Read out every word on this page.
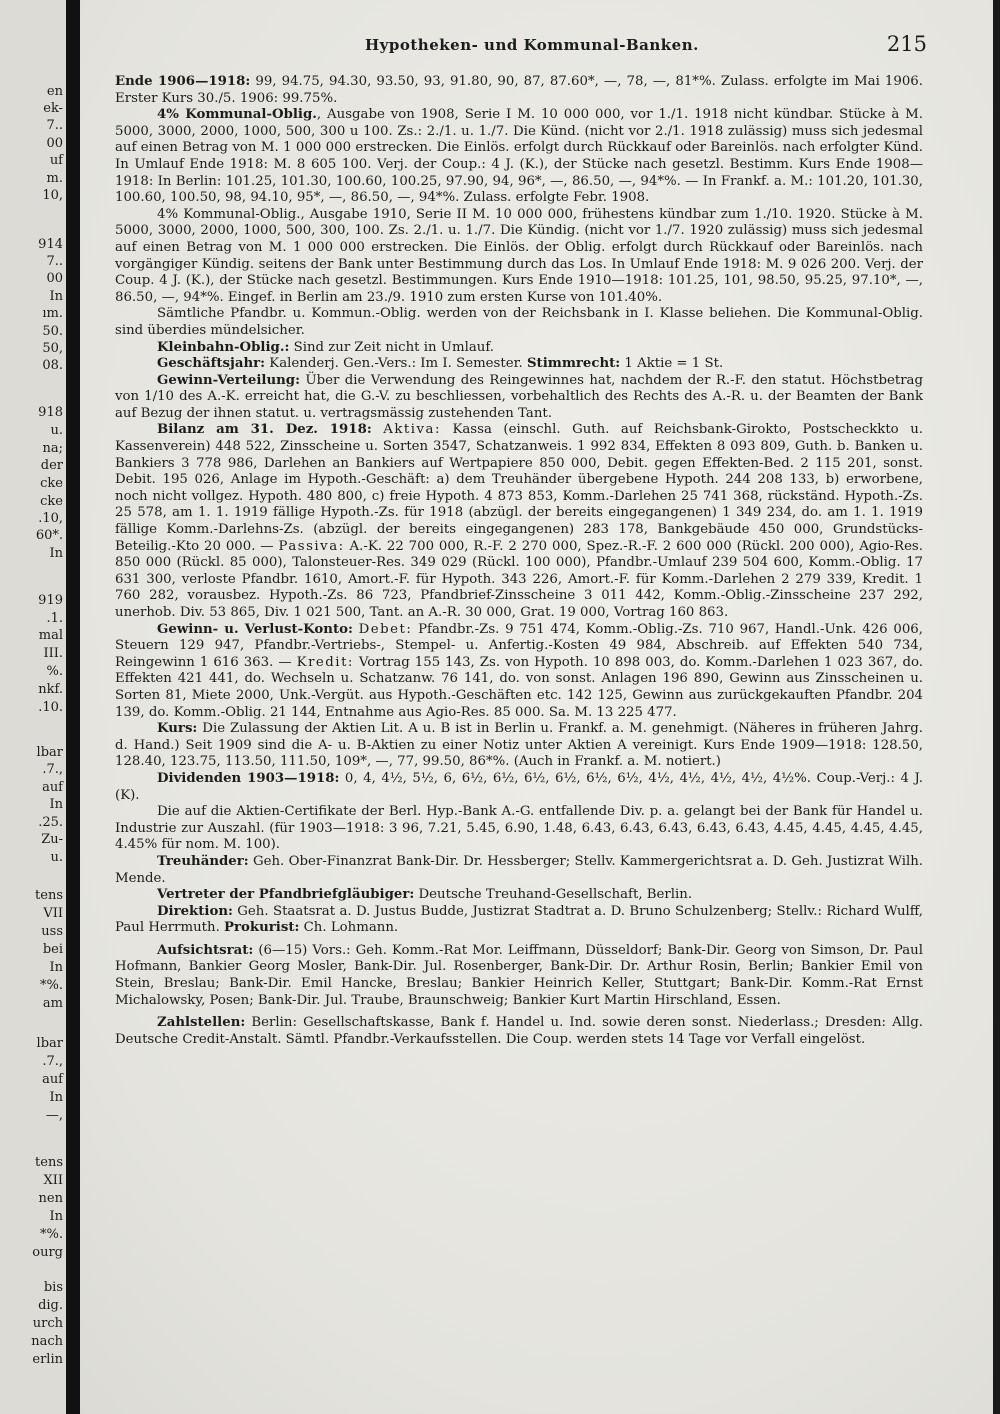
en
ek-
7..
00
uf
m.
10,
914
7..
00
In
ım.
50.
50,
08.
918
u.
na;
der
cke
cke
.10,
60*.
In
919
.1.
mal
III.
%.
nkf.
.10.
lbar
.7.,
auf
In
.25.
Zu-
u.
tens
VII
uss
bei
In
*%.
am
lbar
.7.,
auf
In
—,
tens
XII
nen
In
*%.
ourg
bis
dig.
urch
nach
erlin
Hypotheken- und Kommunal-Banken.	215

Ende 1906—1918: 99, 94.75, 94.30, 93.50, 93, 91.80, 90, 87, 87.60*, —, 78, —, 81*%. Zulass. erfolgte im Mai 1906. Erster Kurs 30./5. 1906: 99.75%.

4% Kommunal-Oblig., Ausgabe von 1908, Serie I M. 10 000 000, vor 1./1. 1918 nicht kündbar. Stücke à M. 5000, 3000, 2000, 1000, 500, 300 u 100. Zs.: 2./1. u. 1./7. Die Künd. (nicht vor 2./1. 1918 zulässig) muss sich jedesmal auf einen Betrag von M. 1 000 000 erstrecken. Die Einlös. erfolgt durch Rückkauf oder Bareinlös. nach erfolgter Künd. In Umlauf Ende 1918: M. 8 605 100. Verj. der Coup.: 4 J. (K.), der Stücke nach gesetzl. Bestimm. Kurs Ende 1908—1918: In Berlin: 101.25, 101.30, 100.60, 100.25, 97.90, 94, 96*, —, 86.50, —, 94*%. — In Frankf. a. M.: 101.20, 101.30, 100.60, 100.50, 98, 94.10, 95*, —, 86.50, —, 94*%. Zulass. erfolgte Febr. 1908.

4% Kommunal-Oblig., Ausgabe 1910, Serie II M. 10 000 000, frühestens kündbar zum 1./10. 1920. Stücke à M. 5000, 3000, 2000, 1000, 500, 300, 100. Zs. 2./1. u. 1./7. Die Kündig. (nicht vor 1./7. 1920 zulässig) muss sich jedesmal auf einen Betrag von M. 1 000 000 erstrecken. Die Einlös. der Oblig. erfolgt durch Rückkauf oder Bareinlös. nach vorgängiger Kündig. seitens der Bank unter Bestimmung durch das Los. In Umlauf Ende 1918: M. 9 026 200. Verj. der Coup. 4 J. (K.), der Stücke nach gesetzl. Bestimmungen. Kurs Ende 1910—1918: 101.25, 101, 98.50, 95.25, 97.10*, —, 86.50, —, 94*%. Eingef. in Berlin am 23./9. 1910 zum ersten Kurse von 101.40%.

Sämtliche Pfandbr. u. Kommun.-Oblig. werden von der Reichsbank in I. Klasse beliehen. Die Kommunal-Oblig. sind überdies mündelsicher.

Kleinbahn-Oblig.: Sind zur Zeit nicht in Umlauf.

Geschäftsjahr: Kalenderj. Gen.-Vers.: Im I. Semester. Stimmrecht: 1 Aktie = 1 St.

Gewinn-Verteilung: Über die Verwendung des Reingewinnes hat, nachdem der R.-F. den statut. Höchstbetrag von 1/10 des A.-K. erreicht hat, die G.-V. zu beschliessen, vorbehaltlich des Rechts des A.-R. u. der Beamten der Bank auf Bezug der ihnen statut. u. vertragsmässig zustehenden Tant.

Bilanz am 31. Dez. 1918: Aktiva: Kassa (einschl. Guth. auf Reichsbank-Girokto, Postscheckkto u. Kassenverein) 448 522, Zinsscheine u. Sorten 3547, Schatzanweis. 1 992 834, Effekten 8 093 809, Guth. b. Banken u. Bankiers 3 778 986, Darlehen an Bankiers auf Wertpapiere 850 000, Debit. gegen Effekten-Bed. 2 115 201, sonst. Debit. 195 026, Anlage im Hypoth.-Geschäft: a) dem Treuhänder übergebene Hypoth. 244 208 133, b) erworbene, noch nicht vollgez. Hypoth. 480 800, c) freie Hypoth. 4 873 853, Komm.-Darlehen 25 741 368, rückständ. Hypoth.-Zs. 25 578, am 1. 1. 1919 fällige Hypoth.-Zs. für 1918 (abzügl. der bereits eingegangenen) 1 349 234, do. am 1. 1. 1919 fällige Komm.-Darlehns-Zs. (abzügl. der bereits eingegangenen) 283 178, Bankgebäude 450 000, Grundstücks-Beteilig.-Kto 20 000. — Passiva: A.-K. 22 700 000, R.-F. 2 270 000, Spez.-R.-F. 2 600 000 (Rückl. 200 000), Agio-Res. 850 000 (Rückl. 85 000), Talonsteuer-Res. 349 029 (Rückl. 100 000), Pfandbr.-Umlauf 239 504 600, Komm.-Oblig. 17 631 300, verloste Pfandbr. 1610, Amort.-F. für Hypoth. 343 226, Amort.-F. für Komm.-Darlehen 2 279 339, Kredit. 1 760 282, vorausbez. Hypoth.-Zs. 86 723, Pfandbrief-Zinsscheine 3 011 442, Komm.-Oblig.-Zinsscheine 237 292, unerhob. Div. 53 865, Div. 1 021 500, Tant. an A.-R. 30 000, Grat. 19 000, Vortrag 160 863.

Gewinn- u. Verlust-Konto: Debet: Pfandbr.-Zs. 9 751 474, Komm.-Oblig.-Zs. 710 967, Handl.-Unk. 426 006, Steuern 129 947, Pfandbr.-Vertriebs-, Stempel- u. Anfertig.-Kosten 49 984, Abschreib. auf Effekten 540 734, Reingewinn 1 616 363. — Kredit: Vortrag 155 143, Zs. von Hypoth. 10 898 003, do. Komm.-Darlehen 1 023 367, do. Effekten 421 441, do. Wechseln u. Schatzanw. 76 141, do. von sonst. Anlagen 196 890, Gewinn aus Zinsscheinen u. Sorten 81, Miete 2000, Unk.-Vergüt. aus Hypoth.-Geschäften etc. 142 125, Gewinn aus zurückgekauften Pfandbr. 204 139, do. Komm.-Oblig. 21 144, Entnahme aus Agio-Res. 85 000. Sa. M. 13 225 477.

Kurs: Die Zulassung der Aktien Lit. A u. B ist in Berlin u. Frankf. a. M. genehmigt. (Näheres in früheren Jahrg. d. Hand.) Seit 1909 sind die A- u. B-Aktien zu einer Notiz unter Aktien A vereinigt. Kurs Ende 1909—1918: 128.50, 128.40, 123.75, 113.50, 111.50, 109*, —, 77, 99.50, 86*%. (Auch in Frankf. a. M. notiert.)

Dividenden 1903—1918: 0, 4, 4½, 5½, 6, 6½, 6½, 6½, 6½, 6½, 6½, 4½, 4½, 4½, 4½, 4½%. Coup.-Verj.: 4 J. (K).

Die auf die Aktien-Certifikate der Berl. Hyp.-Bank A.-G. entfallende Div. p. a. gelangt bei der Bank für Handel u. Industrie zur Auszahl. (für 1903—1918: 3 96, 7.21, 5.45, 6.90, 1.48, 6.43, 6.43, 6.43, 6.43, 6.43, 4.45, 4.45, 4.45, 4.45, 4.45% für nom. M. 100).

Treuhänder: Geh. Ober-Finanzrat Bank-Dir. Dr. Hessberger; Stellv. Kammergerichtsrat a. D. Geh. Justizrat Wilh. Mende.

Vertreter der Pfandbriefgläubiger: Deutsche Treuhand-Gesellschaft, Berlin.

Direktion: Geh. Staatsrat a. D. Justus Budde, Justizrat Stadtrat a. D. Bruno Schulzenberg; Stellv.: Richard Wulff, Paul Herrmuth. Prokurist: Ch. Lohmann.

Aufsichtsrat: (6—15) Vors.: Geh. Komm.-Rat Mor. Leiffmann, Düsseldorf; Bank-Dir. Georg von Simson, Dr. Paul Hofmann, Bankier Georg Mosler, Bank-Dir. Jul. Rosenberger, Bank-Dir. Dr. Arthur Rosin, Berlin; Bankier Emil von Stein, Breslau; Bank-Dir. Emil Hancke, Breslau; Bankier Heinrich Keller, Stuttgart; Bank-Dir. Komm.-Rat Ernst Michalowsky, Posen; Bank-Dir. Jul. Traube, Braunschweig; Bankier Kurt Martin Hirschland, Essen.

Zahlstellen: Berlin: Gesellschaftskasse, Bank f. Handel u. Ind. sowie deren sonst. Niederlass.; Dresden: Allg. Deutsche Credit-Anstalt. Sämtl. Pfandbr.-Verkaufsstellen. Die Coup. werden stets 14 Tage vor Verfall eingelöst.
